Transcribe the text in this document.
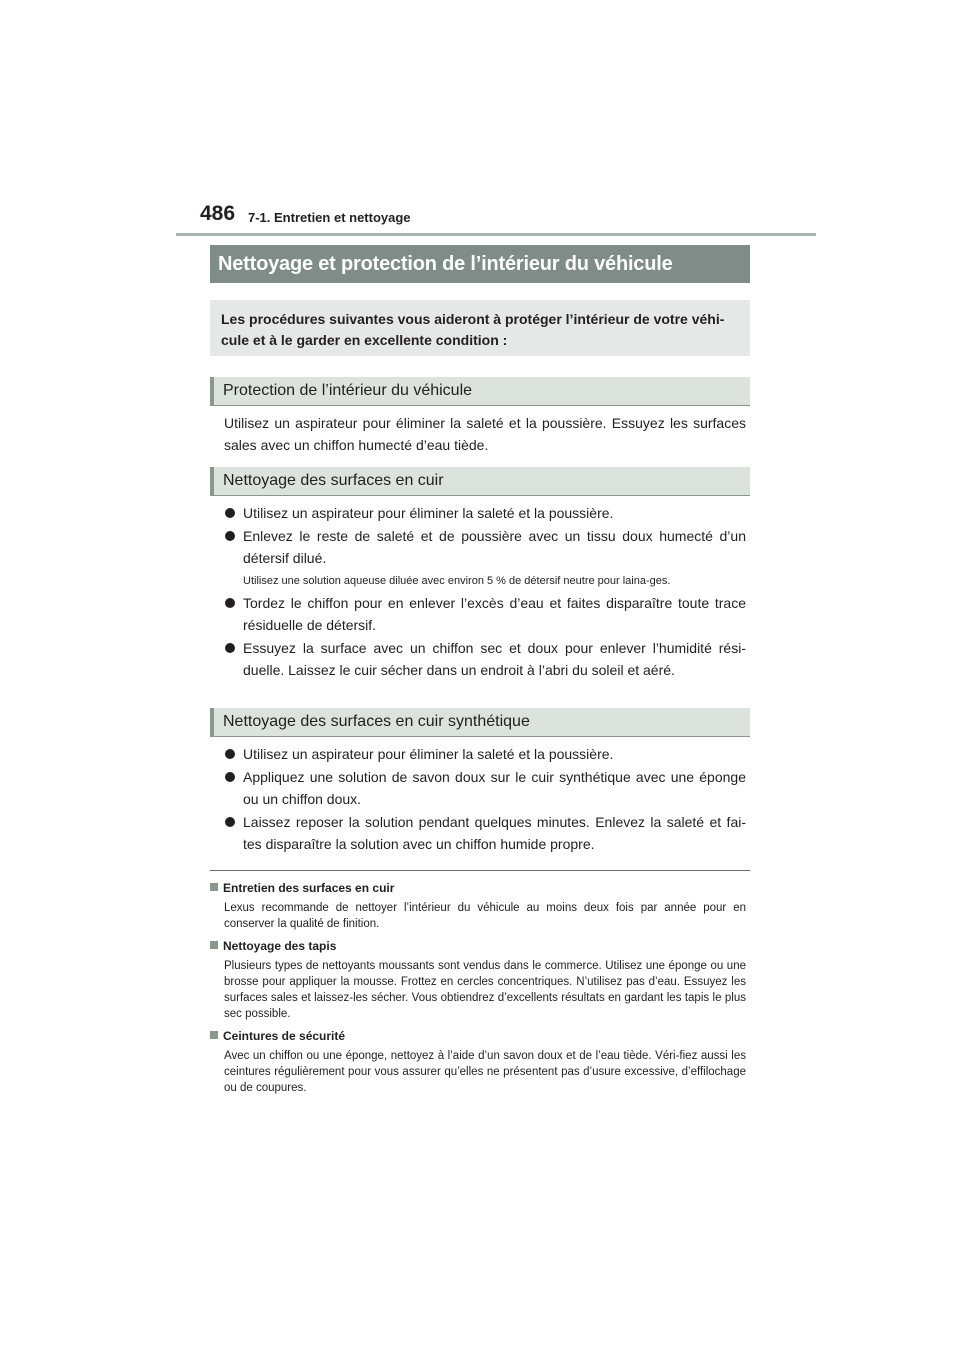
486 7-1. Entretien et nettoyage
Nettoyage et protection de l’intérieur du véhicule
Les procédures suivantes vous aideront à protéger l’intérieur de votre véhi-cule et à le garder en excellente condition :
Protection de l’intérieur du véhicule

Utilisez un aspirateur pour éliminer la saleté et la poussière. Essuyez les surfaces sales avec un chiffon humecté d’eau tiède.

Nettoyage des surfaces en cuir
Utilisez un aspirateur pour éliminer la saleté et la poussière.
Enlevez le reste de saleté et de poussière avec un tissu doux humecté d’un détersif dilué.
Utilisez une solution aqueuse diluée avec environ 5 % de détersif neutre pour laina-ges.
Tordez le chiffon pour en enlever l’excès d’eau et faites disparaître toute trace résiduelle de détersif.
Essuyez la surface avec un chiffon sec et doux pour enlever l’humidité rési-duelle. Laissez le cuir sécher dans un endroit à l’abri du soleil et aéré.
Nettoyage des surfaces en cuir synthétique
Utilisez un aspirateur pour éliminer la saleté et la poussière.
Appliquez une solution de savon doux sur le cuir synthétique avec une éponge ou un chiffon doux.
Laissez reposer la solution pendant quelques minutes. Enlevez la saleté et fai-tes disparaître la solution avec un chiffon humide propre.
Entretien des surfaces en cuir
Lexus recommande de nettoyer l’intérieur du véhicule au moins deux fois par année pour en conserver la qualité de finition.
Nettoyage des tapis
Plusieurs types de nettoyants moussants sont vendus dans le commerce. Utilisez une éponge ou une brosse pour appliquer la mousse. Frottez en cercles concentriques. N’utilisez pas d’eau. Essuyez les surfaces sales et laissez-les sécher. Vous obtiendrez d’excellents résultats en gardant les tapis le plus sec possible.
Ceintures de sécurité
Avec un chiffon ou une éponge, nettoyez à l’aide d’un savon doux et de l’eau tiède. Véri-fiez aussi les ceintures régulièrement pour vous assurer qu’elles ne présentent pas d’usure excessive, d’effilochage ou de coupures.
